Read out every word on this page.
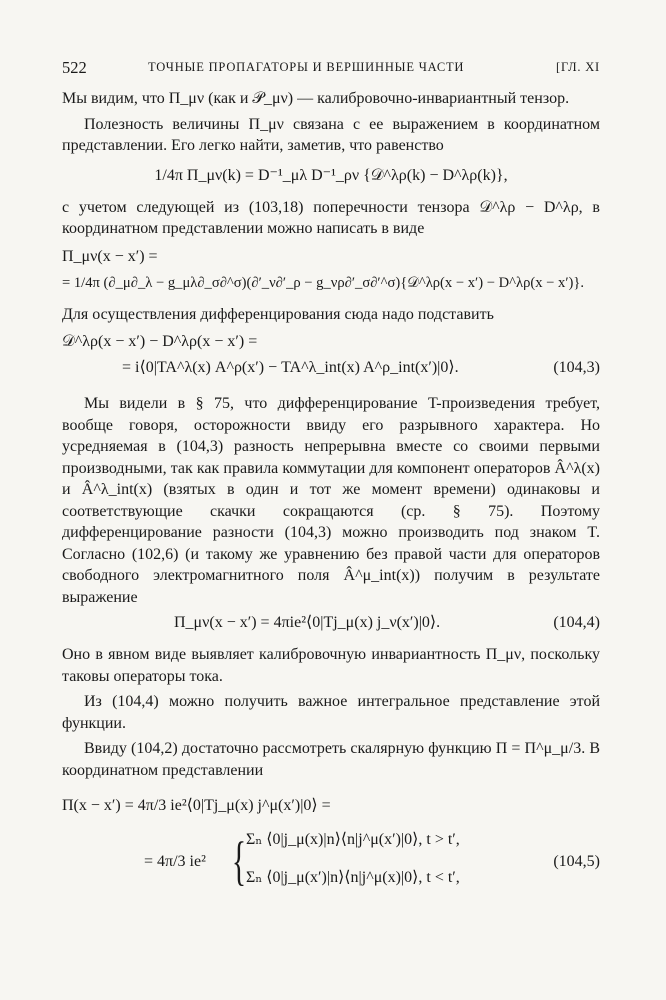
522	ТОЧНЫЕ ПРОПАГАТОРЫ И ВЕРШИННЫЕ ЧАСТИ	[ГЛ. XI

Мы видим, что Π_μν (как и 𝒫_μν) — калибровочно-инвариантный тензор.

Полезность величины Π_μν связана с ее выражением в координатном представлении. Его легко найти, заметив, что равенство

1/4π Π_μν(k) = D⁻¹_μλ D⁻¹_ρν {𝒟^λρ(k) − D^λρ(k)},

с учетом следующей из (103,18) поперечности тензора 𝒟^λρ − D^λρ, в координатном представлении можно написать в виде

Π_μν(x − x′) =
= 1/4π (∂_μ∂_λ − g_μλ∂_σ∂^σ)(∂′_ν∂′_ρ − g_νρ∂′_σ∂′^σ){𝒟^λρ(x − x′) − D^λρ(x − x′)}.

Для осуществления дифференцирования сюда надо подставить

𝒟^λρ(x − x′) − D^λρ(x − x′) =
= i⟨0|TA^λ(x) A^ρ(x′) − TA^λ_int(x) A^ρ_int(x′)|0⟩.	(104,3)

Мы видели в § 75, что дифференцирование T-произведения требует, вообще говоря, осторожности ввиду его разрывного характера. Но усредняемая в (104,3) разность непрерывна вместе со своими первыми производными, так как правила коммутации для компонент операторов Â^λ(x) и Â^λ_int(x) (взятых в один и тот же момент времени) одинаковы и соответствующие скачки сокращаются (ср. § 75). Поэтому дифференцирование разности (104,3) можно производить под знаком T. Согласно (102,6) (и такому же уравнению без правой части для операторов свободного электромагнитного поля Â^μ_int(x)) получим в результате выражение

Π_μν(x − x′) = 4πie²⟨0|Tj_μ(x) j_ν(x′)|0⟩.	(104,4)

Оно в явном виде выявляет калибровочную инвариантность Π_μν, поскольку таковы операторы тока.

Из (104,4) можно получить важное интегральное представление этой функции.

Ввиду (104,2) достаточно рассмотреть скалярную функцию Π = Π^μ_μ/3. В координатном представлении

Π(x − x′) = 4π/3 ie²⟨0|Tj_μ(x) j^μ(x′)|0⟩ =
= 4π/3 ie² { Σₙ ⟨0|j_μ(x)|n⟩⟨n|j^μ(x′)|0⟩, t > t′,
Σₙ ⟨0|j_μ(x′)|n⟩⟨n|j^μ(x)|0⟩, t < t′,
(104,5)
